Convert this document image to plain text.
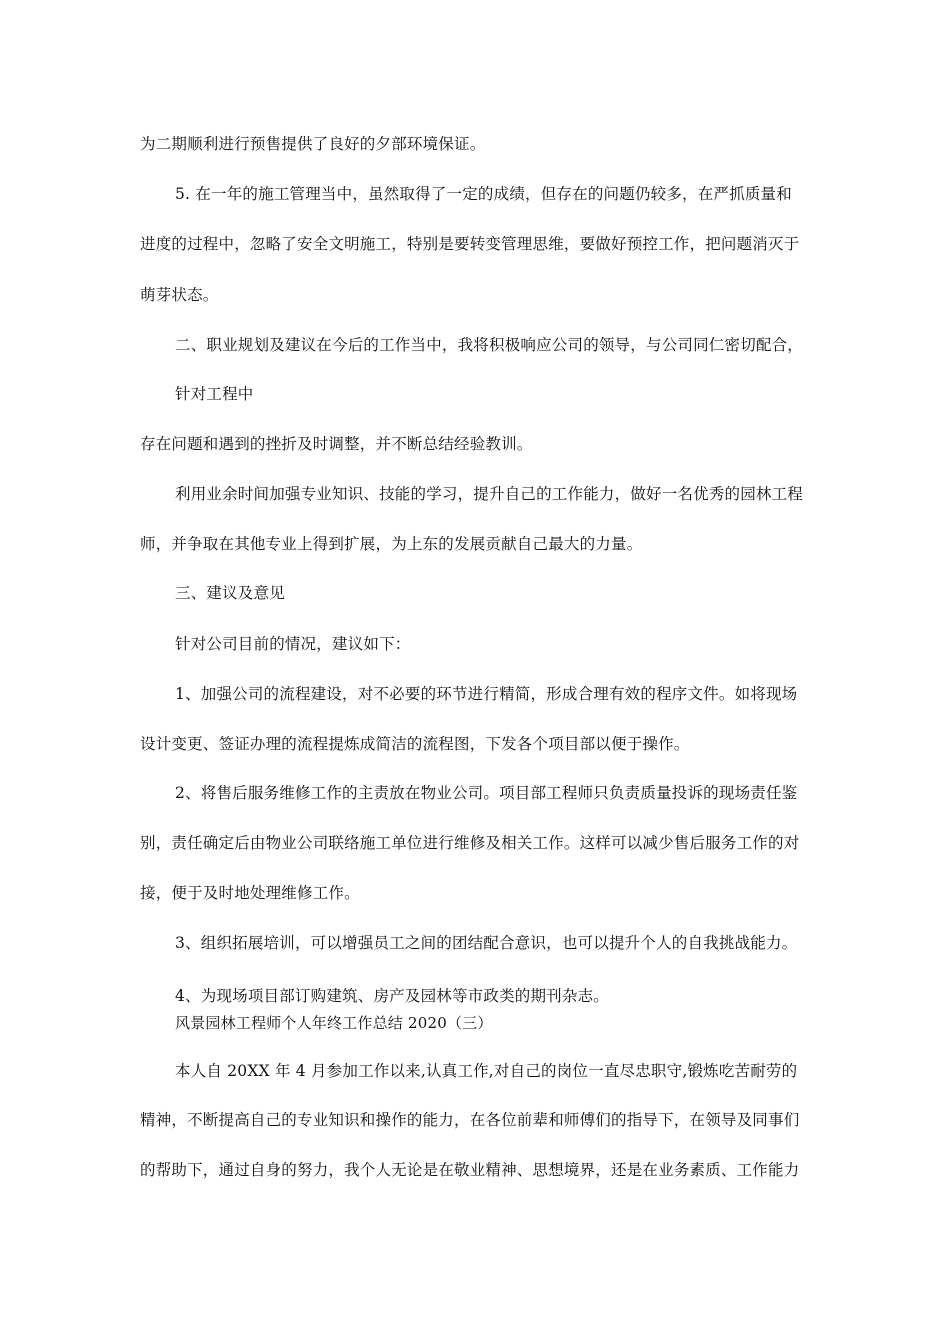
为二期顺利进行预售提供了良好的夕部环境保证。
5. 在一年的施工管理当中，虽然取得了一定的成绩，但存在的问题仍较多，在严抓质量和
进度的过程中，忽略了安全文明施工，特别是要转变管理思维，要做好预控工作，把问题消灭于
萌芽状态。
二、职业规划及建议在今后的工作当中，我将积极响应公司的领导，与公司同仁密切配合，
针对工程中
存在问题和遇到的挫折及时调整，并不断总结经验教训。
利用业余时间加强专业知识、技能的学习，提升自己的工作能力，做好一名优秀的园林工程
师，并争取在其他专业上得到扩展，为上东的发展贡献自己最大的力量。
三、建议及意见
针对公司目前的情况，建议如下：
1、加强公司的流程建设，对不必要的环节进行精简，形成合理有效的程序文件。如将现场
设计变更、签证办理的流程提炼成简洁的流程图，下发各个项目部以便于操作。
2、将售后服务维修工作的主责放在物业公司。项目部工程师只负责质量投诉的现场责任鉴
别，责任确定后由物业公司联络施工单位进行维修及相关工作。这样可以减少售后服务工作的对
接，便于及时地处理维修工作。
3、组织拓展培训，可以增强员工之间的团结配合意识，也可以提升个人的自我挑战能力。
4、为现场项目部订购建筑、房产及园林等市政类的期刊杂志。
风景园林工程师个人年终工作总结 2020（三）
本人自 20XX 年 4 月参加工作以来,认真工作,对自己的岗位一直尽忠职守,锻炼吃苦耐劳的
精神，不断提高自己的专业知识和操作的能力，在各位前辈和师傅们的指导下，在领导及同事们
的帮助下，通过自身的努力，我个人无论是在敬业精神、思想境界，还是在业务素质、工作能力
